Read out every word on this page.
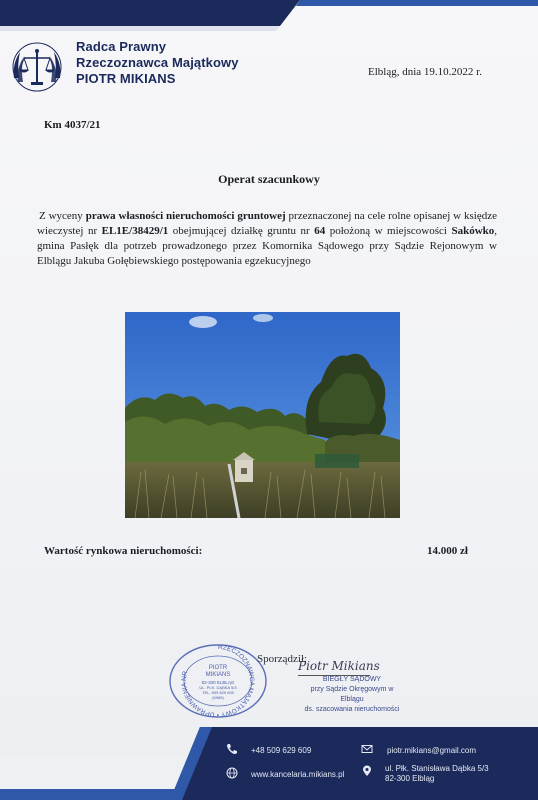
Radca Prawny
Rzeczoznawca Majątkowy
PIOTR MIKIANS	Elbląg, dnia 19.10.2022 r.
Km 4037/21
Operat szacunkowy
Z wyceny prawa własności nieruchomości gruntowej przeznaczonej na cele rolne opisanej w księdze wieczystej nr EL1E/38429/1 obejmującej działkę gruntu nr 64 położoną w miejscowości Sakówko, gmina Pasłęk dla potrzeb prowadzonego przez Komornika Sądowego przy Sądzie Rejonowym w Elblągu Jakuba Gołębiewskiego postępowania egzekucyjnego
Wartość rynkowa nieruchomości:	14.000 zł
RZECZOZNAWCA MAJĄTKOWY • UPRAWNIENIA NR
PIOTR
MIKIANS
82-300 ELBLĄG
UL. PLK. DĄBKA 5/3
TEL. 509 629 609
(6985)
Sporządził:
Piotr Mikians
BIEGŁY SĄDOWY
przy Sądzie Okręgowym w Elblągu
ds. szacowania nieruchomości
+48 509 629 609	piotr.mikians@gmail.com
www.kancelaria.mikians.pl
ul. Płk. Stanisława Dąbka 5/3
82-300 Elbląg
